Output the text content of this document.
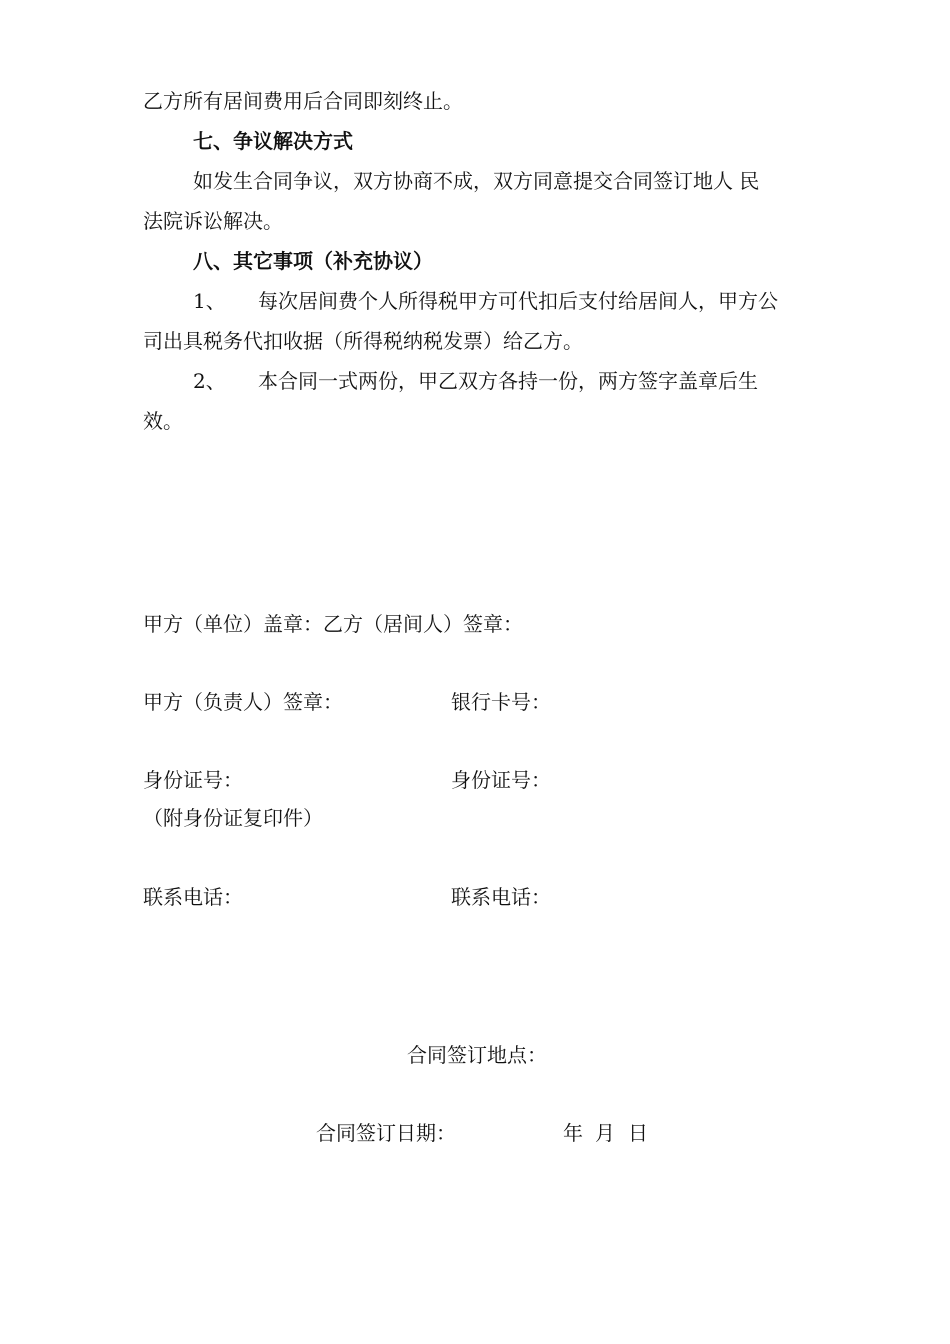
乙方所有居间费用后合同即刻终止。
七、争议解决方式
如发生合同争议，双方协商不成，双方同意提交合同签订地人 民
法院诉讼解决。
八、其它事项（补充协议）
1、 每次居间费个人所得税甲方可代扣后支付给居间人，甲方公
司出具税务代扣收据（所得税纳税发票）给乙方。
2、 本合同一式两份，甲乙双方各持一份，两方签字盖章后生
效。
甲方（单位）盖章：乙方（居间人）签章：
甲方（负责人）签章：	银行卡号：
身份证号：	身份证号：
（附身份证复印件）
联系电话：	联系电话：
合同签订地点：
合同签订日期：	年 月 日
